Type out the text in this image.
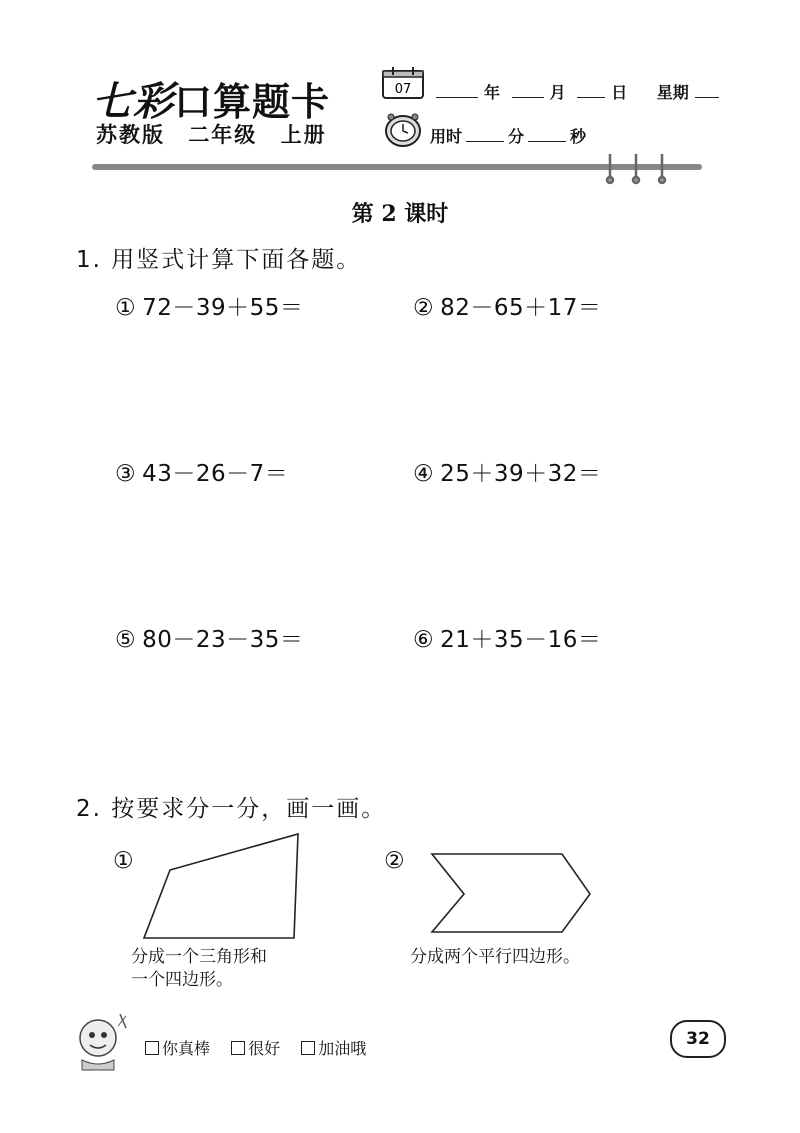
七彩口算题卡
苏教版 二年级 上册
07	年	月	日 星期
用时	分	秒
第 2 课时
1. 用竖式计算下面各题。
① 72－39＋55＝	② 82－65＋17＝
③ 43－26－7＝	④ 25＋39＋32＝
⑤ 80－23－35＝	⑥ 21＋35－16＝
2. 按要求分一分，画一画。
①
分成一个三角形和
一个四边形。
②
分成两个平行四边形。
你真棒 很好 加油哦	32
